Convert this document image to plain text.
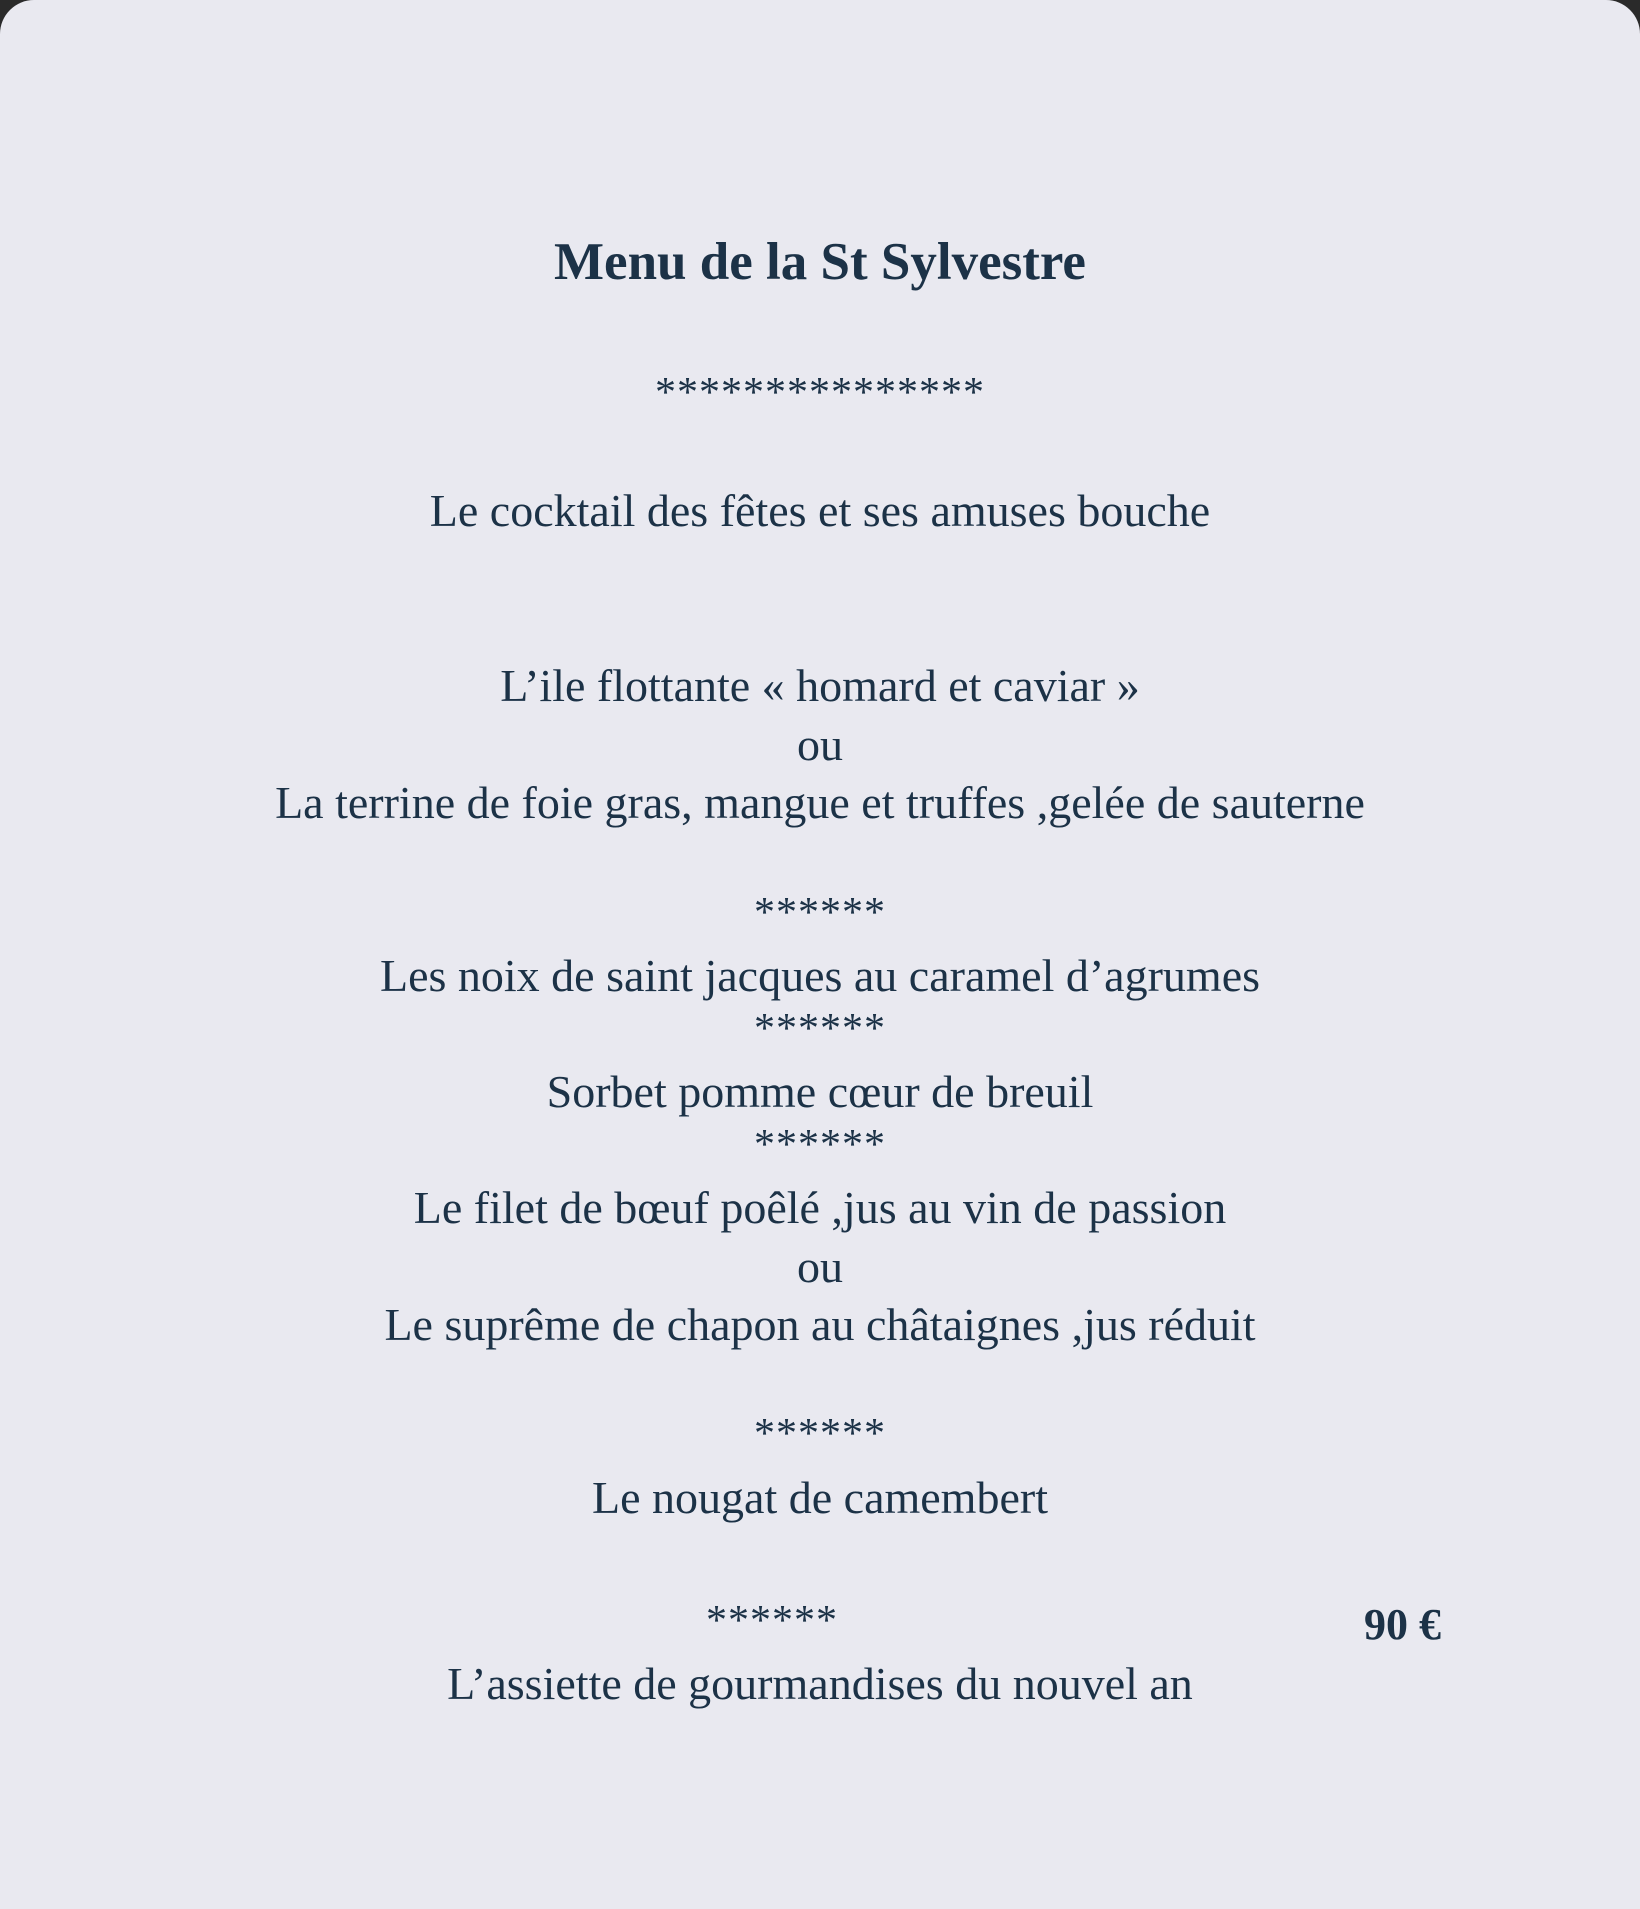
Menu de la St Sylvestre
***************
Le cocktail des fêtes et ses amuses bouche
L’ile flottante « homard et caviar »
ou
La terrine de foie gras, mangue et truffes ,gelée de sauterne
******
Les noix de saint jacques au caramel d’agrumes
******
Sorbet pomme cœur de breuil
******
Le filet de bœuf poêlé ,jus au vin de passion
ou
Le suprême de chapon au châtaignes ,jus réduit
******
Le nougat de camembert
******	90 €
L’assiette de gourmandises du nouvel an
